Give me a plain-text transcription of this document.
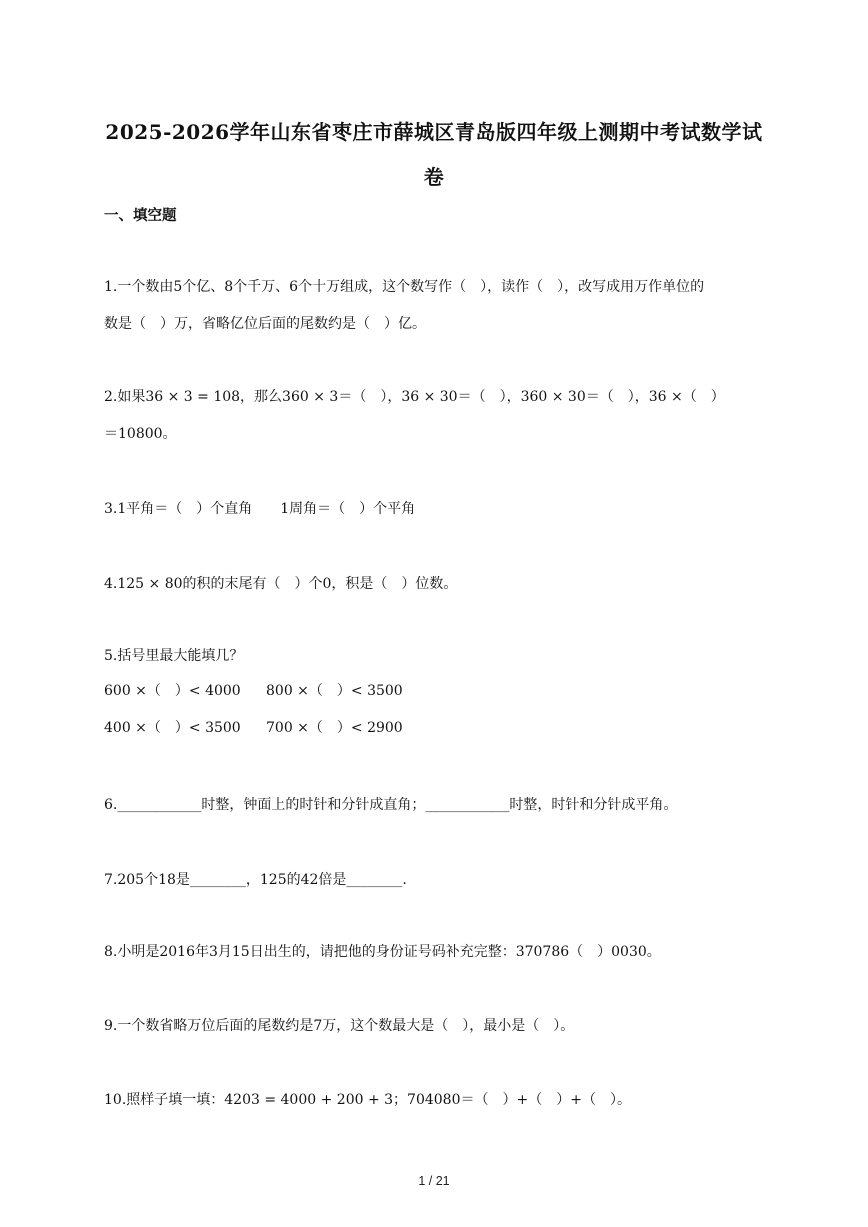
2025-2026学年山东省枣庄市薛城区青岛版四年级上测期中考试数学试
卷
一、填空题
1.一个数由5个亿、8个千万、6个十万组成，这个数写作（　），读作（　），改写成用万作单位的
数是（　）万，省略亿位后面的尾数约是（　）亿。
2.如果36 × 3 = 108，那么360 × 3＝（　），36 × 30＝（　），360 × 30＝（　），36 ×（　）
＝10800。
3.1平角＝（　）个直角　　1周角＝（　）个平角
4.125 × 80的积的末尾有（　）个0，积是（　）位数。
5.括号里最大能填几？
600 ×（　）< 4000 800 ×（　）< 3500
400 ×（　）< 3500 700 ×（　）< 2900
6.____________时整，钟面上的时针和分针成直角；____________时整，时针和分针成平角。
7.205个18是________，125的42倍是________.
8.小明是2016年3月15日出生的，请把他的身份证号码补充完整：370786（　）0030。
9.一个数省略万位后面的尾数约是7万，这个数最大是（　），最小是（　）。
10.照样子填一填：4203 = 4000 + 200 + 3；704080＝（　）+（　）+（　）。
1 / 21
